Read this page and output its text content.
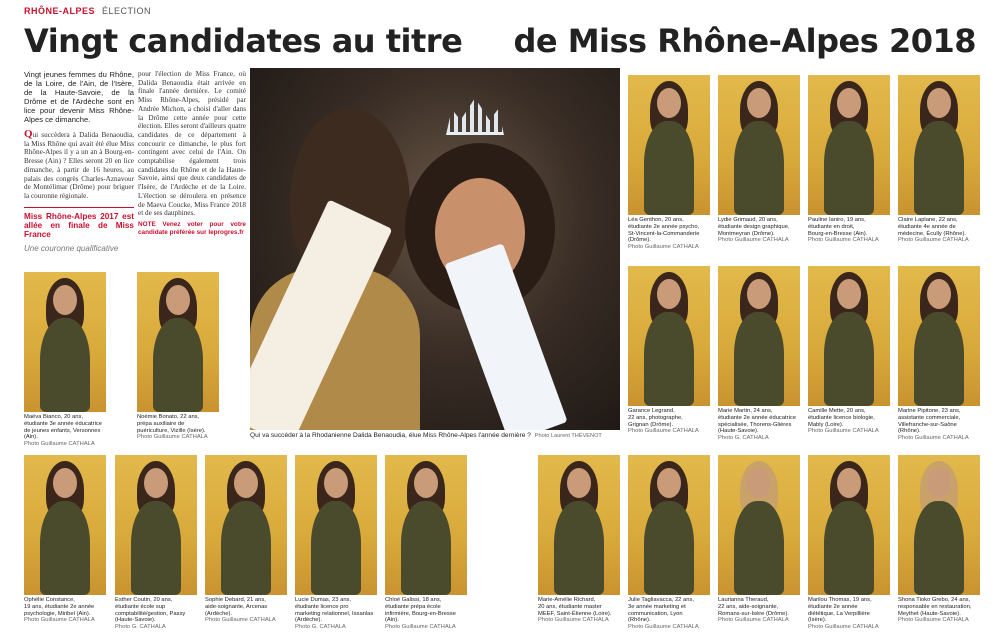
RHÔNE-ALPES ÉLECTION
Vingt candidates au titre de Miss Rhône-Alpes 2018
Vingt jeunes femmes du Rhône, de la Loire, de l'Ain, de l'Isère, de la Haute-Savoie, de la Drôme et de l'Ardèche sont en lice pour devenir Miss Rhône-Alpes ce dimanche.
Qui succèdera à Dalida Benaoudia, la Miss Rhône qui avait été élue Miss Rhône-Alpes il y a un an à Bourg-en-Bresse (Ain) ? Elles seront 20 en lice dimanche, à partir de 16 heures, au palais des congrès Charles-Aznavour de Montélimar (Drôme) pour briguer la couronne régionale.
Miss Rhône-Alpes 2017 est allée en finale de Miss France
Une couronne qualificative
pour l'élection de Miss France, où Dalida Benaoudia était arrivée en finale l'année dernière. Le comité Miss Rhône-Alpes, présidé par Andrée Michon, a choisi d'aller dans la Drôme cette année pour cette élection. Elles seront d'ailleurs quatre candidates de ce département à concourir ce dimanche, le plus fort contingent avec celui de l'Ain. On comptabilise également trois candidates du Rhône et de la Haute-Savoie, ainsi que deux candidates de l'Isère, de l'Ardèche et de la Loire. L'élection se déroulera en présence de Maeva Coucke, Miss France 2018 et de ses dauphines.
NOTE Venez voter pour votre candidate préférée sur leprogres.fr
Qui va succéder à la Rhodanienne Dalida Benaoudia, élue Miss Rhône-Alpes l'année dernière ? Photo Laurent THÉVENOT
Léa Genthon, 20 ans,
étudiante 2e année psycho,
St-Vincent-la-Commanderie
(Drôme).
Photo Guillaume CATHALA
Lydie Grimaud, 20 ans,
étudiante design graphique,
Montmeyran (Drôme).
Photo Guillaume CATHALA
Pauline Ianiro, 19 ans,
étudiante en droit,
Bourg-en-Bresse (Ain).
Photo Guillaume CATHALA
Claire Laplane, 22 ans,
étudiante 4e année de
médecine, Écully (Rhône).
Photo Guillaume CATHALA
Maëva Bianco, 20 ans,
étudiante 3e année éducatrice
de jeunes enfants, Versonnex
(Ain).
Photo Guillaume CATHALA
Noémie Bonato, 22 ans,
prépa auxiliaire de
puériculture, Vizille (Isère).
Photo Guillaume CATHALA
Garance Legrand,
22 ans, photographe,
Grignan (Drôme).
Photo Guillaume CATHALA
Marie Martin, 24 ans,
étudiante 2e année éducatrice
spécialisée, Thorens-Glières
(Haute-Savoie).
Photo G. CATHALA
Camille Mette, 20 ans,
étudiante licence biologie,
Mably (Loire).
Photo Guillaume CATHALA
Marine Pipitone, 23 ans,
assistante commerciale,
Villefranche-sur-Saône
(Rhône).
Photo Guillaume CATHALA
Ophélie Constance,
19 ans, étudiante 2e année
psychologie, Miribel (Ain).
Photo Guillaume CATHALA
Esther Coutin, 20 ans,
étudiante école sup
comptabilité/gestion, Passy
(Haute-Savoie).
Photo G. CATHALA
Sophie Debard, 21 ans,
aide-soignante, Arcenas
(Ardèche).
Photo Guillaume CATHALA
Lucie Dumas, 23 ans,
étudiante licence pro
marketing relationnel, Issanlas
(Ardèche).
Photo G. CATHALA
Chloé Galissi, 18 ans,
étudiante prépa école
infirmière, Bourg-en-Bresse
(Ain).
Photo Guillaume CATHALA
Marie-Amélie Richard,
20 ans, étudiante master
MEEF, Saint-Étienne (Loire).
Photo Guillaume CATHALA
Julie Tagliavacca, 22 ans,
3e année marketing et
communication, Lyon
(Rhône).
Photo Guillaume CATHALA
Laurianna Theraud,
22 ans, aide-soignante,
Romans-sur-Isère (Drôme).
Photo Guillaume CATHALA
Marilou Thomas, 19 ans,
étudiante 2e année
diététique, La Verpillière
(Isère).
Photo Guillaume CATHALA
Shona Tioko Grebo, 24 ans,
responsable en restauration,
Meythet (Haute-Savoie).
Photo Guillaume CATHALA
